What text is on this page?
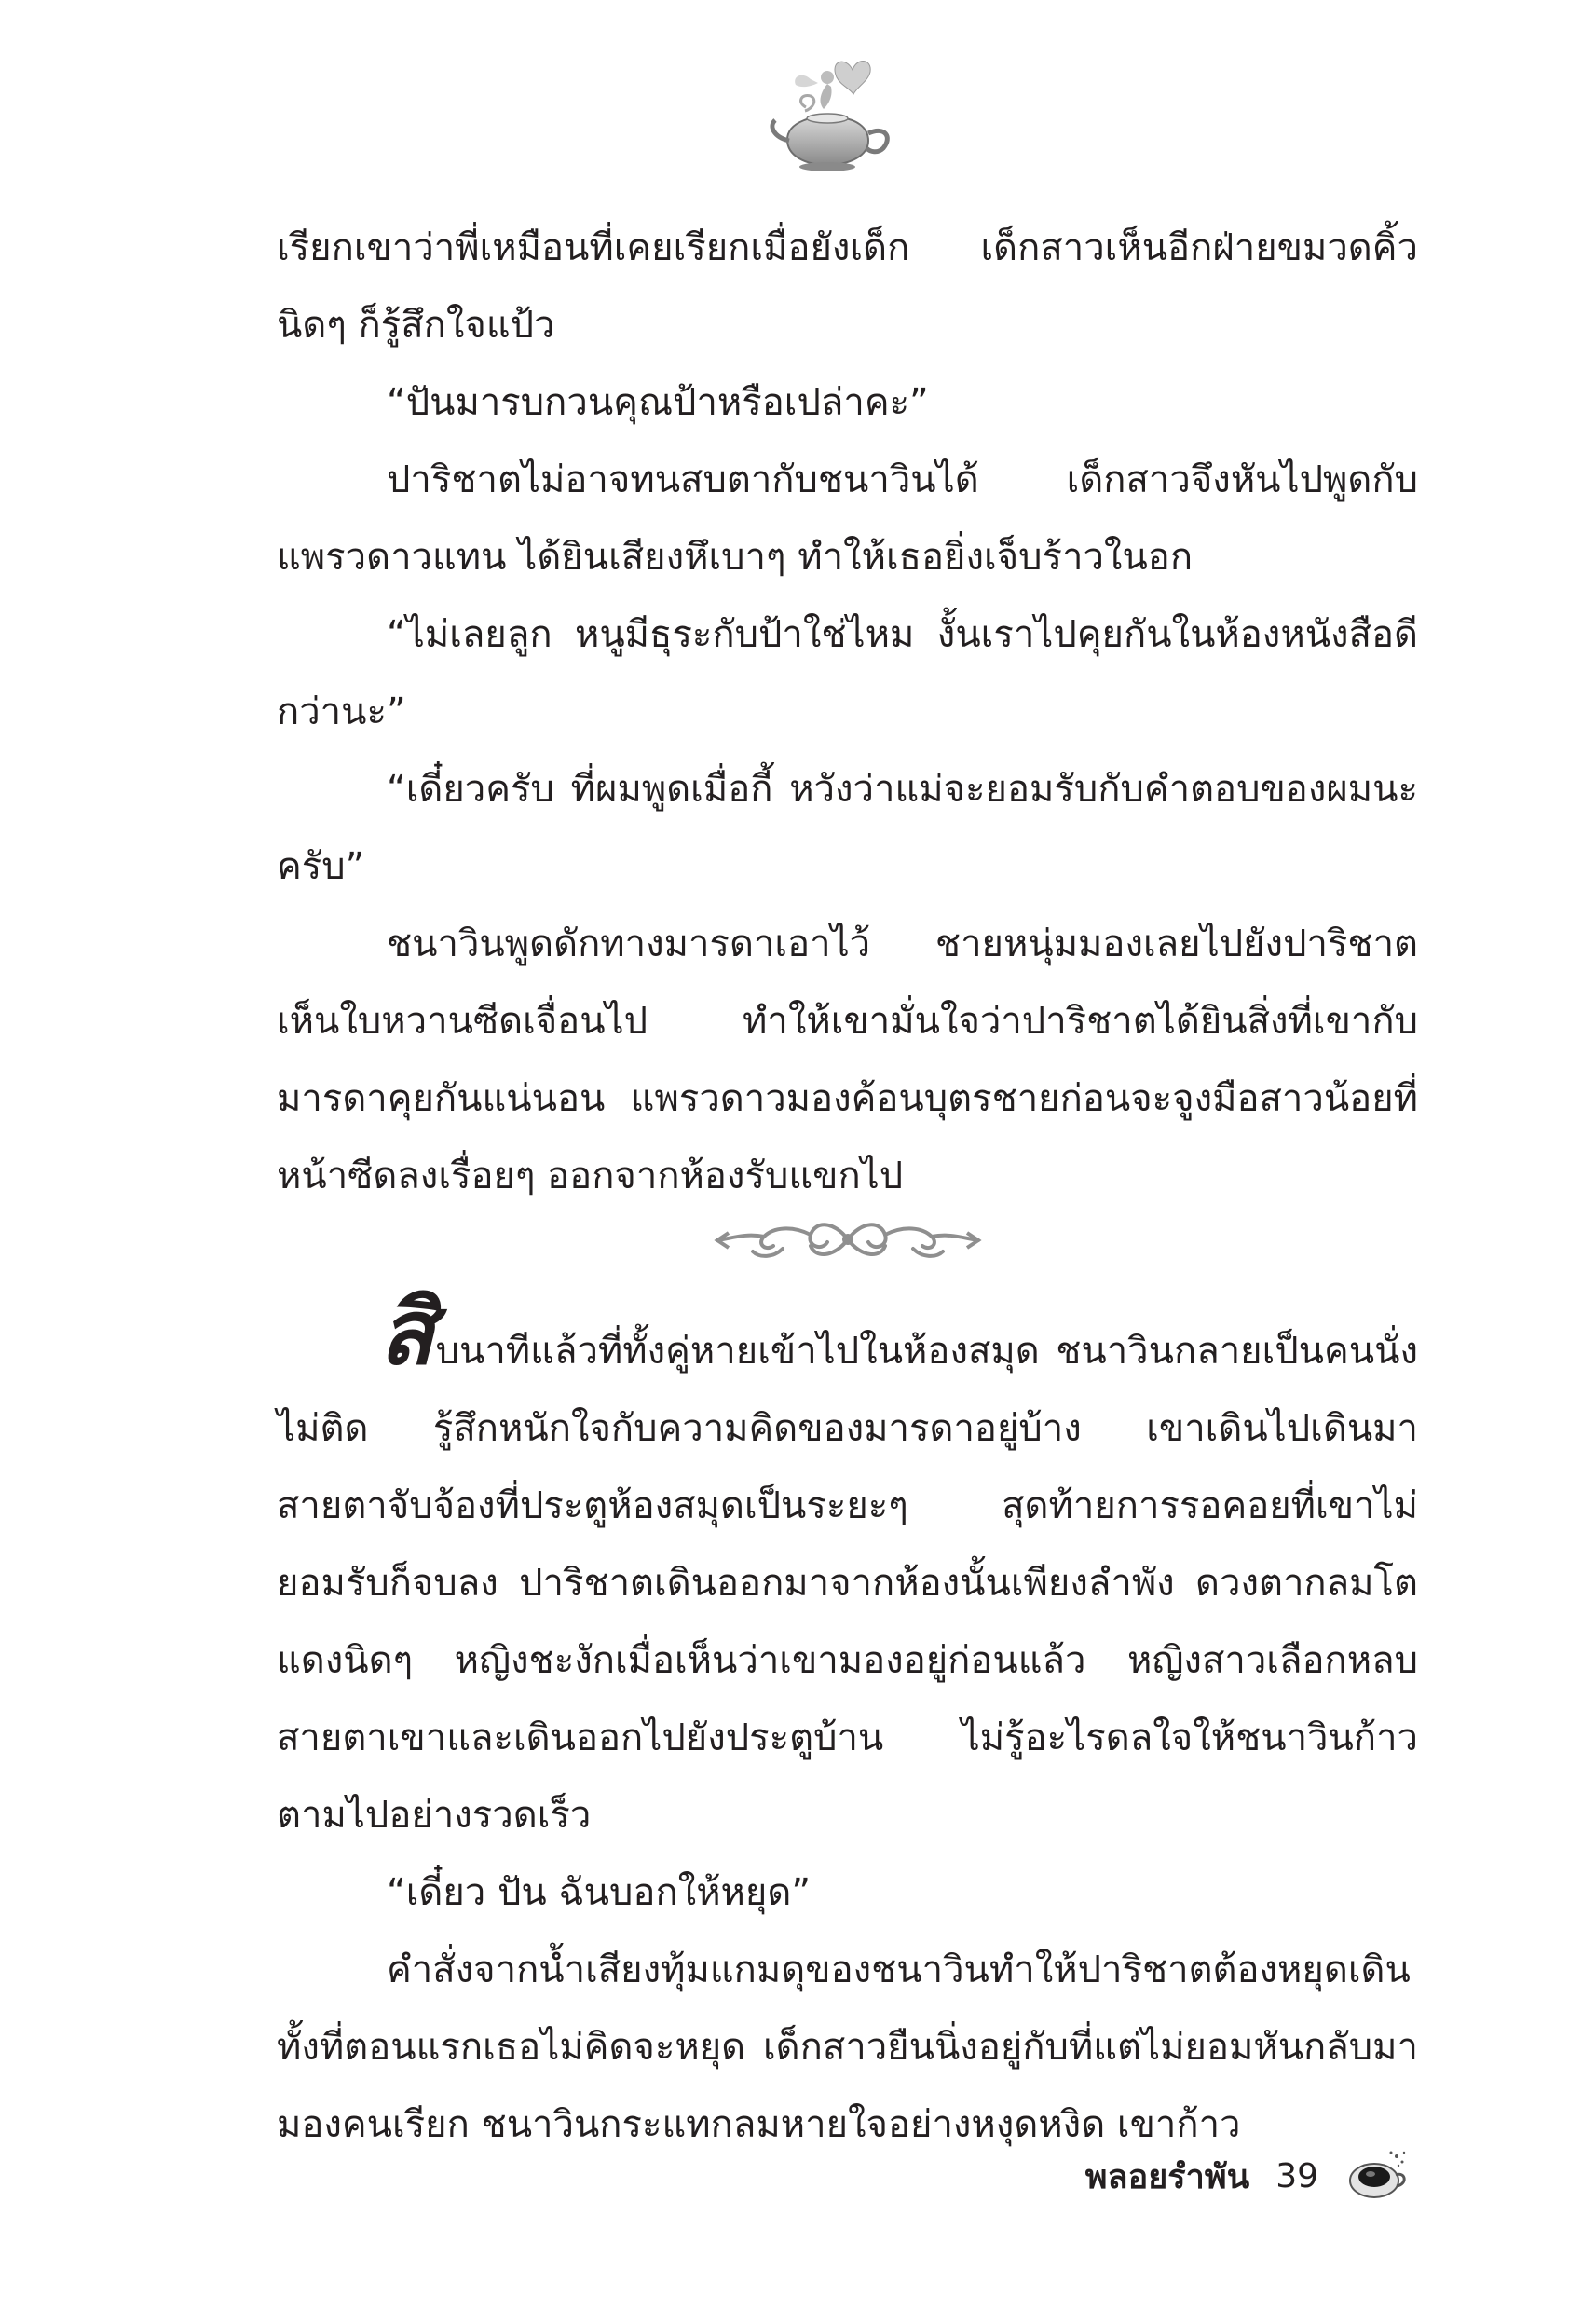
เรียกเขาว่าพี่เหมือนที่เคยเรียกเมื่อยังเด็ก เด็กสาวเห็นอีกฝ่ายขมวดคิ้วนิดๆ ก็รู้สึกใจแป้ว

“ปันมารบกวนคุณป้าหรือเปล่าคะ”

ปาริชาตไม่อาจทนสบตากับชนาวินได้ เด็กสาวจึงหันไปพูดกับแพรวดาวแทน ได้ยินเสียงหึเบาๆ ทำให้เธอยิ่งเจ็บร้าวในอก

“ไม่เลยลูก หนูมีธุระกับป้าใช่ไหม งั้นเราไปคุยกันในห้องหนังสือดีกว่านะ”

“เดี๋ยวครับ ที่ผมพูดเมื่อกี้ หวังว่าแม่จะยอมรับกับคำตอบของผมนะครับ”

ชนาวินพูดดักทางมารดาเอาไว้ ชายหนุ่มมองเลยไปยังปาริชาตเห็นใบหวานซีดเจื่อนไป ทำให้เขามั่นใจว่าปาริชาตได้ยินสิ่งที่เขากับมารดาคุยกันแน่นอน แพรวดาวมองค้อนบุตรชายก่อนจะจูงมือสาวน้อยที่หน้าซีดลงเรื่อยๆ ออกจากห้องรับแขกไป

สิบนาทีแล้วที่ทั้งคู่หายเข้าไปในห้องสมุด ชนาวินกลายเป็นคนนั่งไม่ติด รู้สึกหนักใจกับความคิดของมารดาอยู่บ้าง เขาเดินไปเดินมาสายตาจับจ้องที่ประตูห้องสมุดเป็นระยะๆ สุดท้ายการรอคอยที่เขาไม่ยอมรับก็จบลง ปาริชาตเดินออกมาจากห้องนั้นเพียงลำพัง ดวงตากลมโตแดงนิดๆ หญิงชะงักเมื่อเห็นว่าเขามองอยู่ก่อนแล้ว หญิงสาวเลือกหลบสายตาเขาและเดินออกไปยังประตูบ้าน ไม่รู้อะไรดลใจให้ชนาวินก้าวตามไปอย่างรวดเร็ว

“เดี๋ยว ปัน ฉันบอกให้หยุด”

คำสั่งจากน้ำเสียงทุ้มแกมดุของชนาวินทำให้ปาริชาตต้องหยุดเดินทั้งที่ตอนแรกเธอไม่คิดจะหยุด เด็กสาวยืนนิ่งอยู่กับที่แต่ไม่ยอมหันกลับมามองคนเรียก ชนาวินกระแทกลมหายใจอย่างหงุดหงิด เขาก้าว

พลอยรำพัน 39
